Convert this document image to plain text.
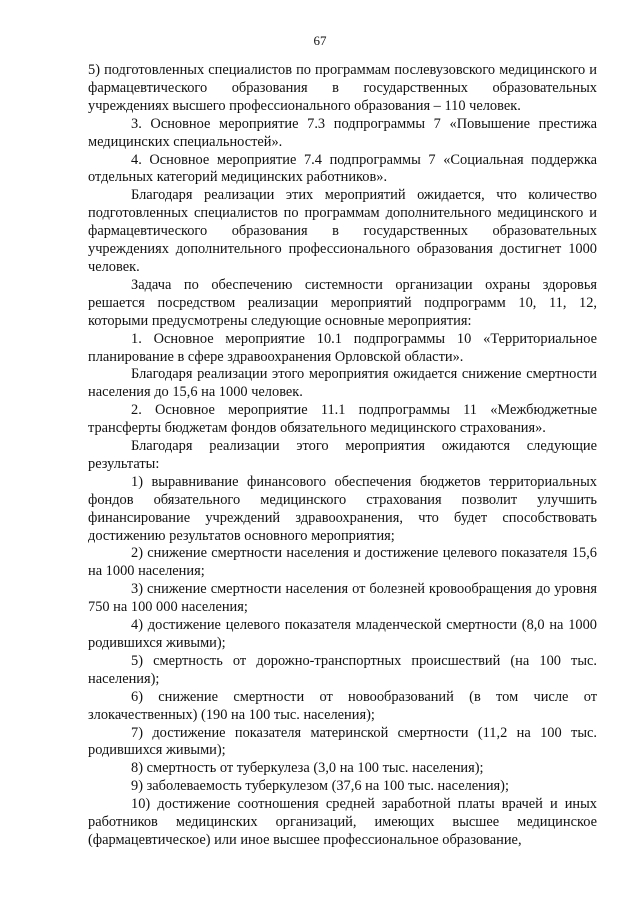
67

5) подготовленных специалистов по программам послевузовского медицинского и фармацевтического образования в государственных образовательных учреждениях высшего профессионального образования – 110 человек.

3. Основное мероприятие 7.3 подпрограммы 7 «Повышение престижа медицинских специальностей».

4. Основное мероприятие 7.4 подпрограммы 7 «Социальная поддержка отдельных категорий медицинских работников».

Благодаря реализации этих мероприятий ожидается, что количество подготовленных специалистов по программам дополнительного медицинского и фармацевтического образования в государственных образовательных учреждениях дополнительного профессионального образования достигнет 1000 человек.

Задача по обеспечению системности организации охраны здоровья решается посредством реализации мероприятий подпрограмм 10, 11, 12, которыми предусмотрены следующие основные мероприятия:

1. Основное мероприятие 10.1 подпрограммы 10 «Территориальное планирование в сфере здравоохранения Орловской области».

Благодаря реализации этого мероприятия ожидается снижение смертности населения до 15,6 на 1000 человек.

2. Основное мероприятие 11.1 подпрограммы 11 «Межбюджетные трансферты бюджетам фондов обязательного медицинского страхования».

Благодаря реализации этого мероприятия ожидаются следующие результаты:

1) выравнивание финансового обеспечения бюджетов территориальных фондов обязательного медицинского страхования позволит улучшить финансирование учреждений здравоохранения, что будет способствовать достижению результатов основного мероприятия;

2) снижение смертности населения и достижение целевого показателя 15,6 на 1000 населения;

3) снижение смертности населения от болезней кровообращения до уровня 750 на 100 000 населения;

4) достижение целевого показателя младенческой смертности (8,0 на 1000 родившихся живыми);

5) смертность от дорожно-транспортных происшествий (на 100 тыс. населения);

6) снижение смертности от новообразований (в том числе от злокачественных) (190 на 100 тыс. населения);

7) достижение показателя материнской смертности (11,2 на 100 тыс. родившихся живыми);

8) смертность от туберкулеза (3,0 на 100 тыс. населения);

9) заболеваемость туберкулезом (37,6 на 100 тыс. населения);

10) достижение соотношения средней заработной платы врачей и иных работников медицинских организаций, имеющих высшее медицинское (фармацевтическое) или иное высшее профессиональное образование,
